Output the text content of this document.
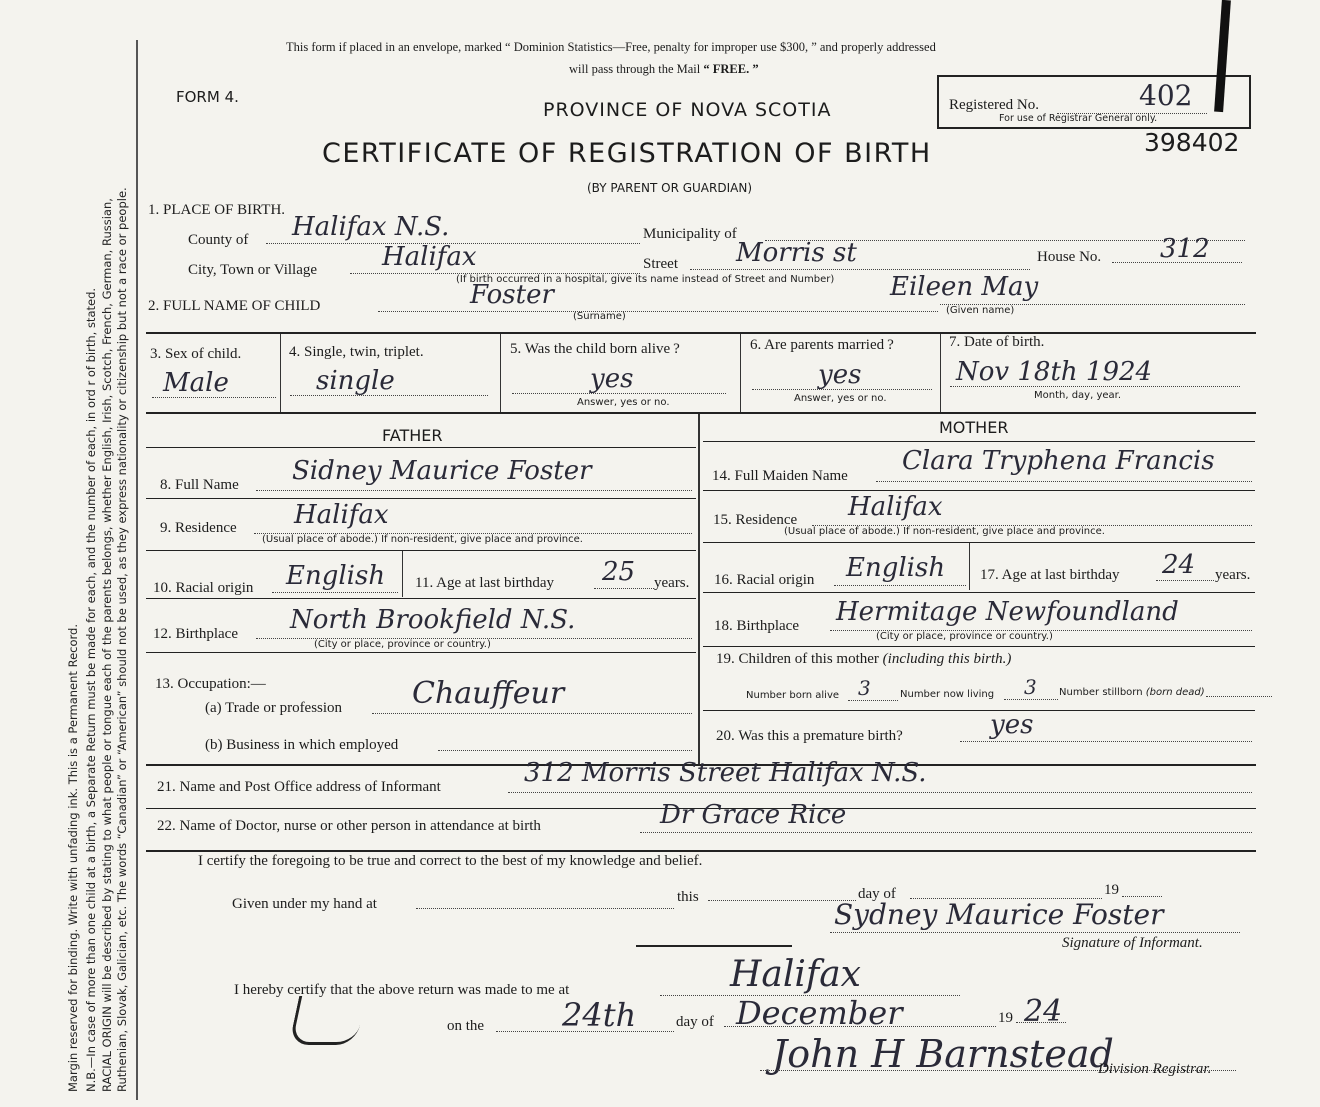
Margin reserved for binding. Write with unfading ink. This is a Permanent Record. N.B.—In case of more than one child at a birth, a Separate Return must be made for each, and the number of each, in ord r of birth, stated. RACIAL ORIGIN will be described by stating to what people or tongue each of the parents belongs, whether English, Irish, Scotch, French, German, Russian, Ruthenian, Slovak, Galician, etc. The words “Canadian” or “American” should not be used, as they express nationality or citizenship but not a race or people.
This form if placed in an envelope, marked “ Dominion Statistics—Free, penalty for improper use $300, ” and properly addressed
will pass through the Mail “ FREE. ”
FORM 4.
PROVINCE OF NOVA SCOTIA
CERTIFICATE OF REGISTRATION OF BIRTH
(BY PARENT OR GUARDIAN)
Registered No.	402
For use of Registrar General only.
398402
1. PLACE OF BIRTH.
County of Halifax N.S.	Municipality of
City, Town or Village Halifax	Street Morris st	House No. 312
(If birth occurred in a hospital, give its name instead of Street and Number)
2. FULL NAME OF CHILD	Foster
(Surname)
Eileen May
(Given name)
3. Sex of child.
Male
4. Single, twin, triplet.
single
5. Was the child born alive ?
yes
Answer, yes or no.
6. Are parents married ?
yes
Answer, yes or no.
7. Date of birth.
Nov 18th 1924
Month, day, year.
FATHER	MOTHER
8. Full Name Sidney Maurice Foster
9. Residence Halifax
(Usual place of abode.) If non-resident, give place and province.
10. Racial origin English 11. Age at last birthday 25 years.
12. Birthplace North Brookfield N.S.
(City or place, province or country.)
13. Occupation:—
(a) Trade or profession Chauffeur
(b) Business in which employed
14. Full Maiden Name Clara Tryphena Francis
15. Residence Halifax
(Usual place of abode.) If non-resident, give place and province.
16. Racial origin English 17. Age at last birthday 24 years.
18. Birthplace Hermitage Newfoundland
(City or place, province or country.)
19. Children of this mother (including this birth.)
Number born alive 3	Number now living 3 Number stillborn (born dead)
20. Was this a premature birth?	yes
21. Name and Post Office address of Informant	312 Morris Street Halifax N.S.
22. Name of Doctor, nurse or other person in attendance at birth	Dr Grace Rice
I certify the foregoing to be true and correct to the best of my knowledge and belief.
Given under my hand at	this	day of	19
Sydney Maurice Foster
Signature of Informant.
I hereby certify that the above return was made to me at	Halifax
on the 24th	day of December	19 24
John H Barnstead
Division Registrar.
